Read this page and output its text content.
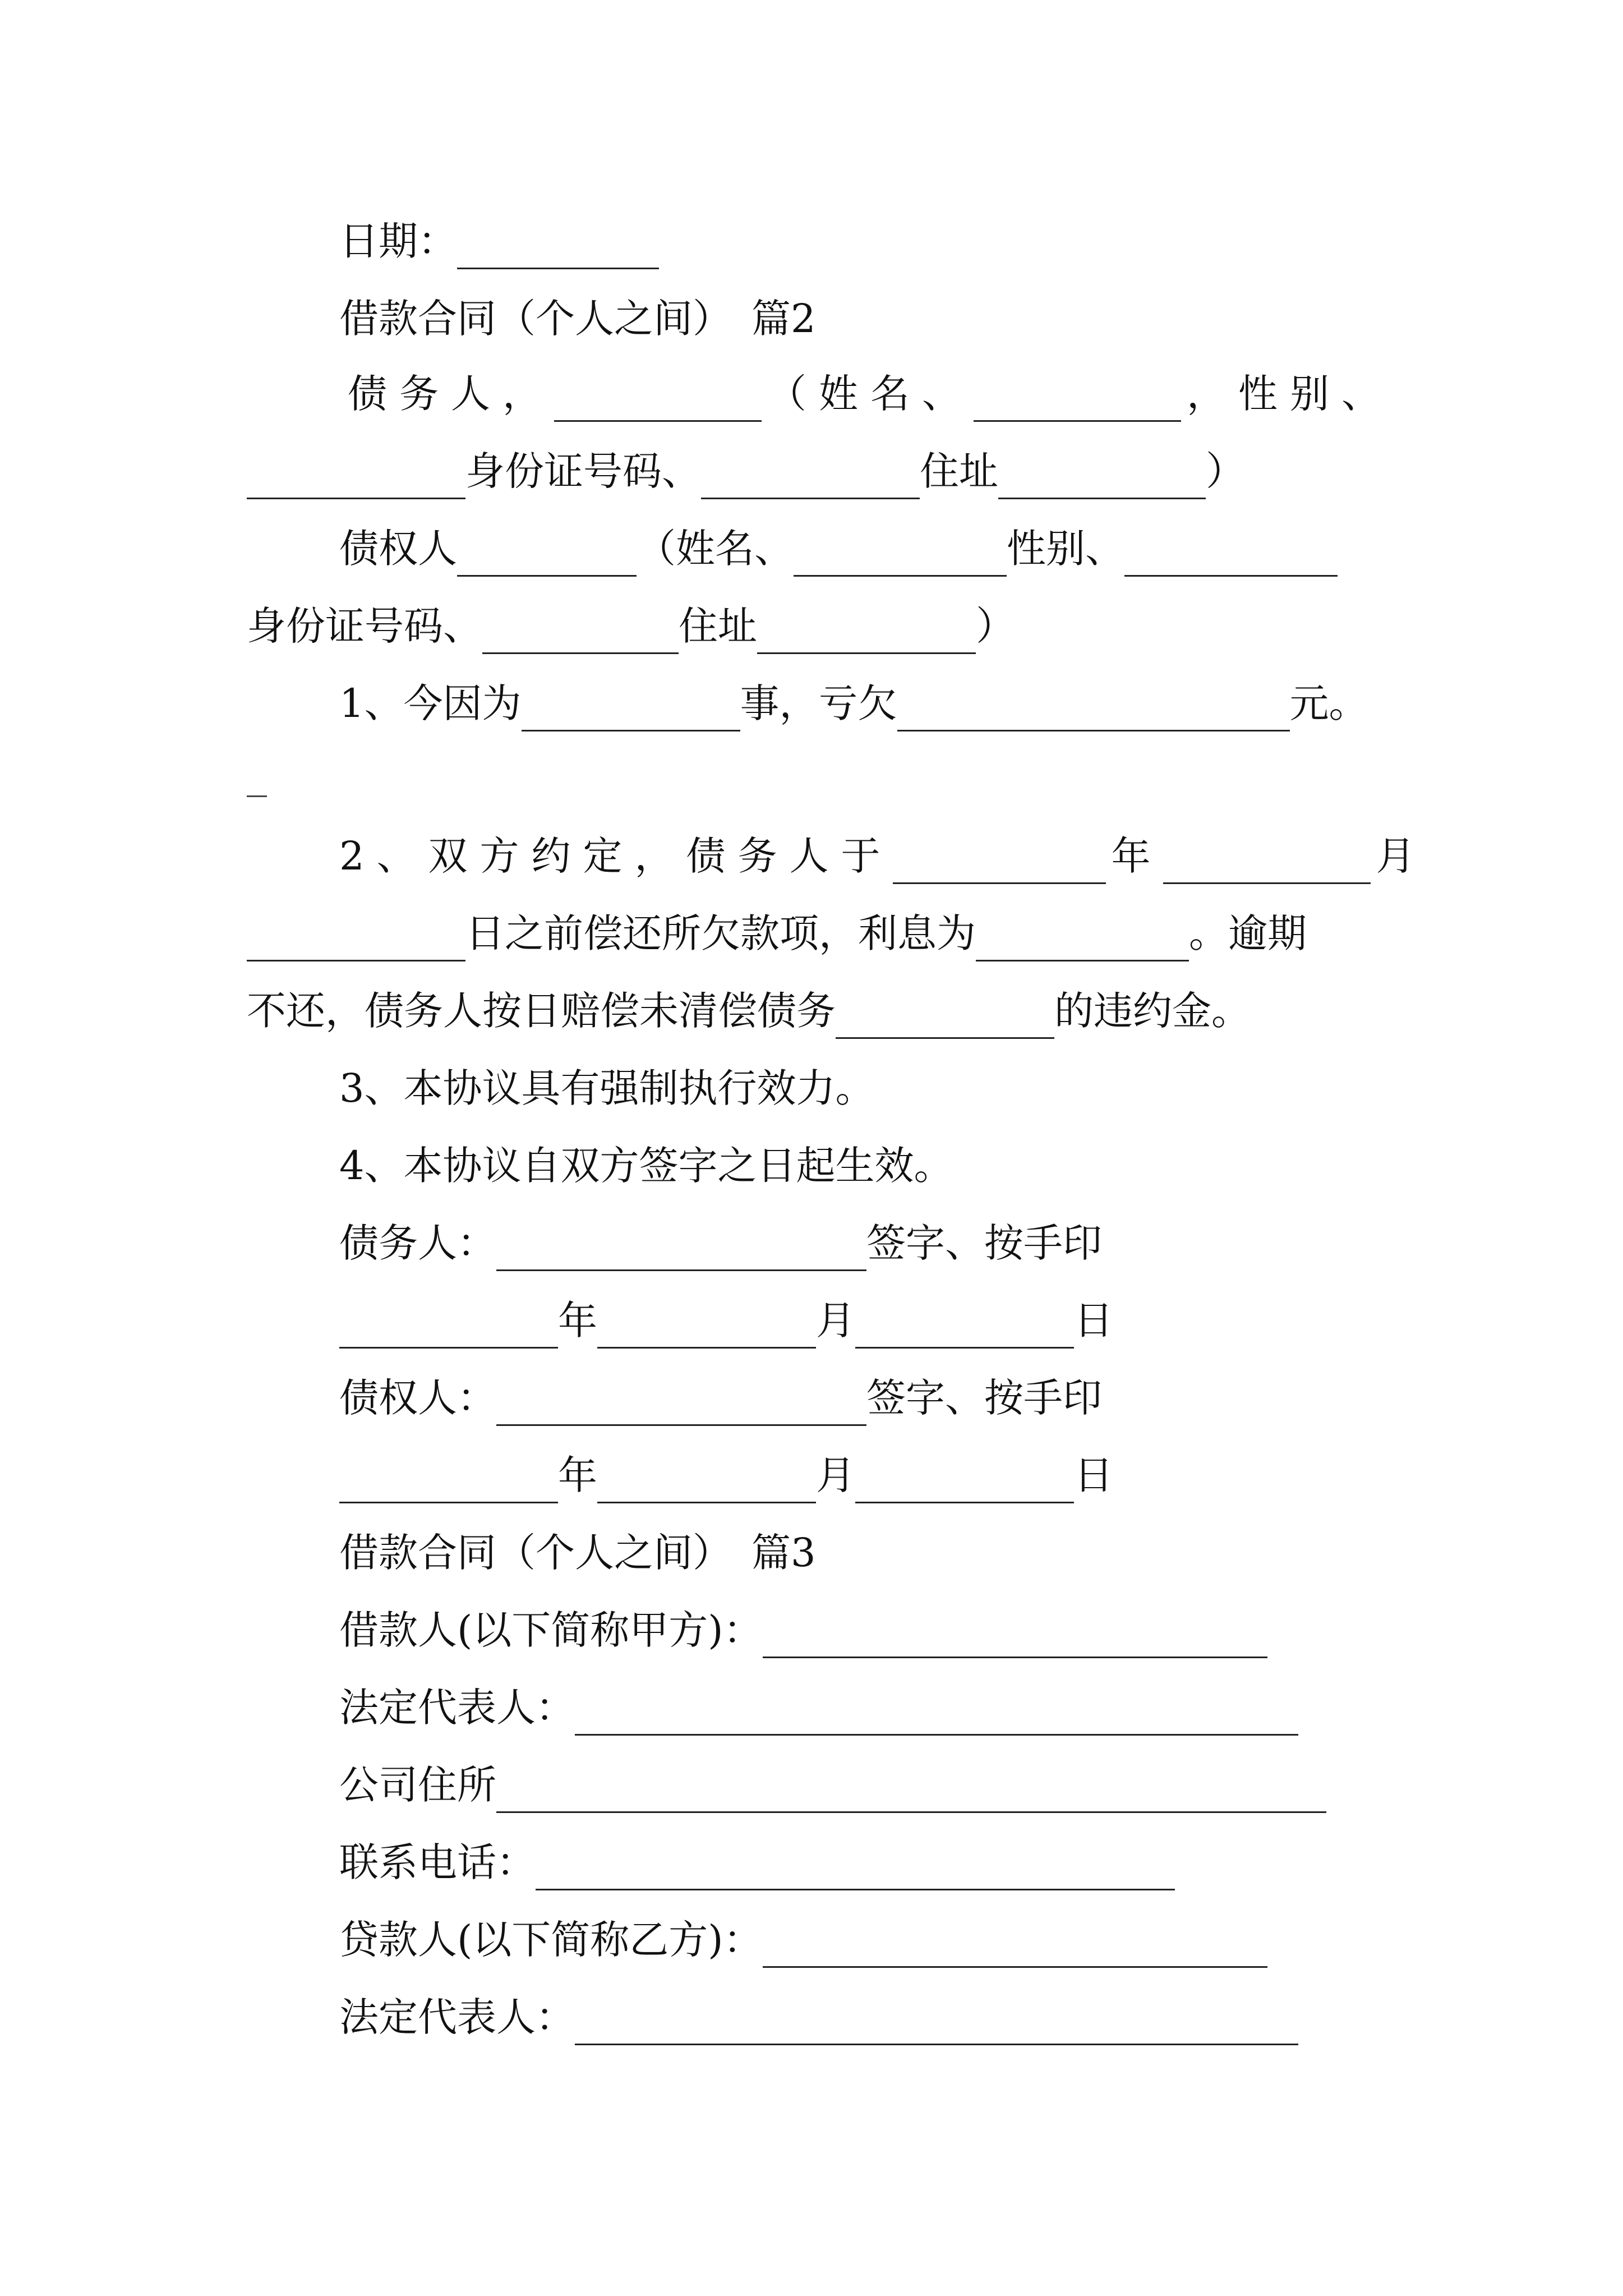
日期：
借款合同（个人之间）　篇2
债务人，	（姓名、	，性别、
身份证号码、	住址	）
债权人	（姓名、	性别、
身份证号码、	住址	）
1、今因为	事，亏欠	元。
2、双方约定，债务人于	年	月
日之前偿还所欠款项，利息为	。逾期
不还，债务人按日赔偿未清偿债务	的违约金。
3、本协议具有强制执行效力。
4、本协议自双方签字之日起生效。
债务人：	签字、按手印
年	月	日
债权人：	签字、按手印
年	月	日
借款合同（个人之间）　篇3
借款人(以下简称甲方)：
法定代表人：
公司住所
联系电话：
贷款人(以下简称乙方)：
法定代表人：
